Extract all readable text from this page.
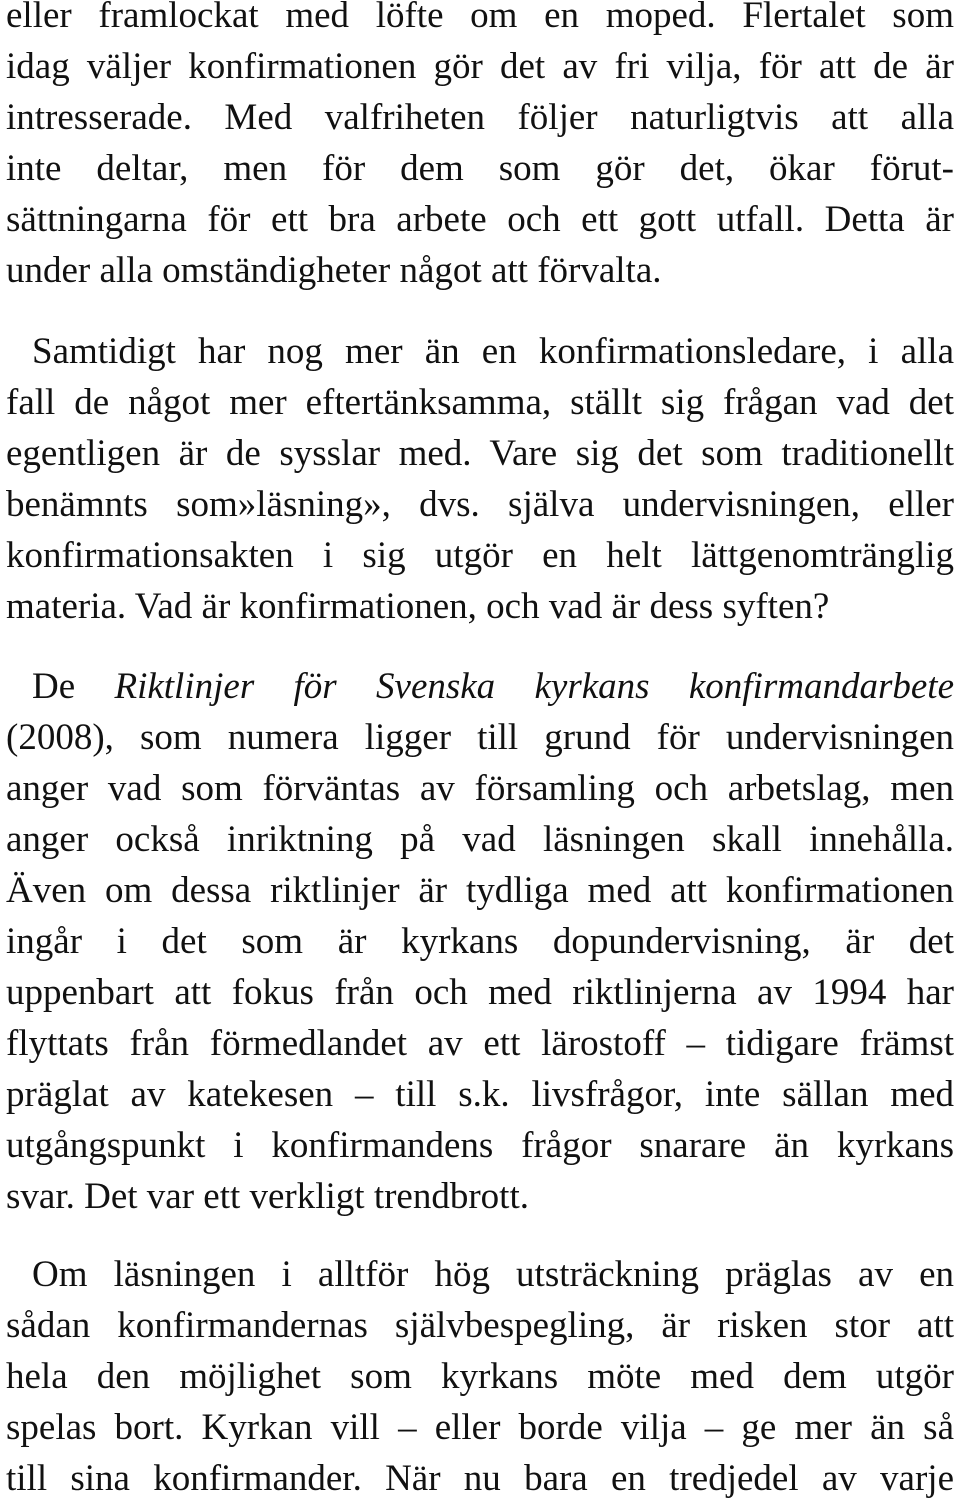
eller framlockat med löfte om en moped. Flertalet som
idag väljer konfirmationen gör det av fri vilja, för att de är
intresserade. Med valfriheten följer naturligtvis att alla
inte deltar, men för dem som gör det, ökar förut-
sättningarna för ett bra arbete och ett gott utfall. Detta är
under alla omständigheter något att förvalta.
Samtidigt har nog mer än en konfirmationsledare, i alla
fall de något mer eftertänksamma, ställt sig frågan vad det
egentligen är de sysslar med. Vare sig det som traditionellt
benämnts som»läsning», dvs. själva undervisningen, eller
konfirmationsakten i sig utgör en helt lättgenomtränglig
materia. Vad är konfirmationen, och vad är dess syften?
De Riktlinjer för Svenska kyrkans konfirmandarbete
(2008), som numera ligger till grund för undervisningen
anger vad som förväntas av församling och arbetslag, men
anger också inriktning på vad läsningen skall innehålla.
Även om dessa riktlinjer är tydliga med att konfirmationen
ingår i det som är kyrkans dopundervisning, är det
uppenbart att fokus från och med riktlinjerna av 1994 har
flyttats från förmedlandet av ett lärostoff – tidigare främst
präglat av katekesen – till s.k. livsfrågor, inte sällan med
utgångspunkt i konfirmandens frågor snarare än kyrkans
svar. Det var ett verkligt trendbrott.
Om läsningen i alltför hög utsträckning präglas av en
sådan konfirmandernas självbespegling, är risken stor att
hela den möjlighet som kyrkans möte med dem utgör
spelas bort. Kyrkan vill – eller borde vilja – ge mer än så
till sina konfirmander. När nu bara en tredjedel av varje
